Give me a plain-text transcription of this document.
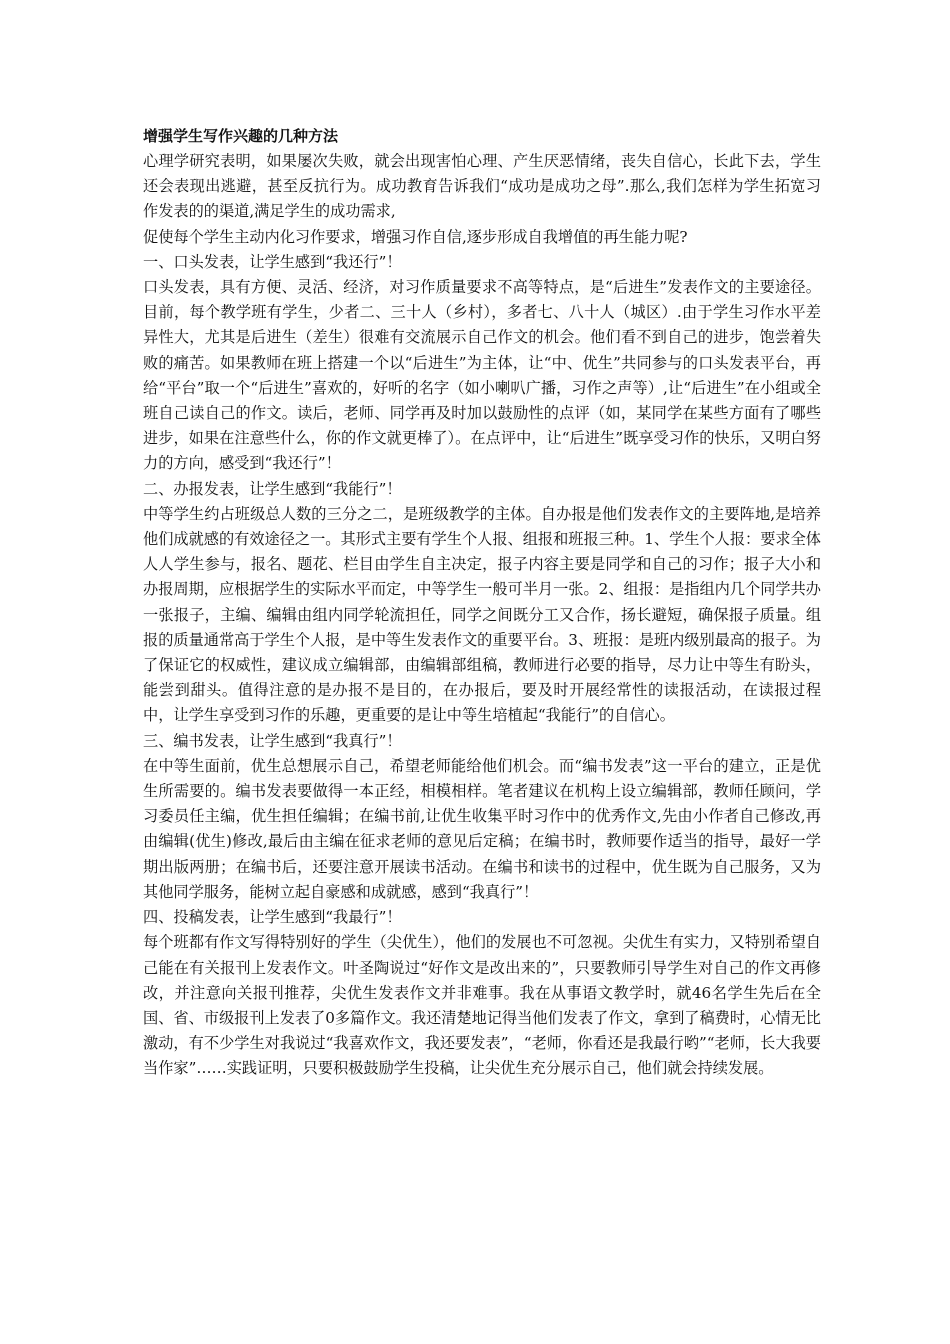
增强学生写作兴趣的几种方法

心理学研究表明，如果屡次失败，就会出现害怕心理、产生厌恶情绪，丧失自信心，长此下去，学生还会表现出逃避，甚至反抗行为。成功教育告诉我们“成功是成功之母”.那么,我们怎样为学生拓宽习作发表的的渠道,满足学生的成功需求,

促使每个学生主动内化习作要求，增强习作自信,逐步形成自我增值的再生能力呢?

一、口头发表，让学生感到“我还行”！

口头发表，具有方便、灵活、经济，对习作质量要求不高等特点，是“后进生”发表作文的主要途径。目前，每个教学班有学生，少者二、三十人（乡村），多者七、八十人（城区）.由于学生习作水平差异性大，尤其是后进生（差生）很难有交流展示自己作文的机会。他们看不到自己的进步，饱尝着失败的痛苦。如果教师在班上搭建一个以“后进生”为主体，让“中、优生”共同参与的口头发表平台，再给“平台”取一个“后进生”喜欢的，好听的名字（如小喇叭广播，习作之声等）,让“后进生”在小组或全班自己读自己的作文。读后，老师、同学再及时加以鼓励性的点评（如，某同学在某些方面有了哪些进步，如果在注意些什么，你的作文就更棒了）。在点评中，让“后进生”既享受习作的快乐，又明白努力的方向，感受到“我还行”！

二、办报发表，让学生感到“我能行”！

中等学生约占班级总人数的三分之二，是班级教学的主体。自办报是他们发表作文的主要阵地,是培养他们成就感的有效途径之一。其形式主要有学生个人报、组报和班报三种。1、学生个人报：要求全体人人学生参与，报名、题花、栏目由学生自主决定，报子内容主要是同学和自己的习作；报子大小和办报周期，应根据学生的实际水平而定，中等学生一般可半月一张。2、组报：是指组内几个同学共办一张报子，主编、编辑由组内同学轮流担任，同学之间既分工又合作，扬长避短，确保报子质量。组报的质量通常高于学生个人报，是中等生发表作文的重要平台。3、班报：是班内级别最高的报子。为了保证它的权威性，建议成立编辑部，由编辑部组稿，教师进行必要的指导，尽力让中等生有盼头，能尝到甜头。值得注意的是办报不是目的，在办报后，要及时开展经常性的读报活动，在读报过程中，让学生享受到习作的乐趣，更重要的是让中等生培植起“我能行”的自信心。

三、编书发表，让学生感到“我真行”！

在中等生面前，优生总想展示自己，希望老师能给他们机会。而“编书发表”这一平台的建立，正是优生所需要的。编书发表要做得一本正经，相模相样。笔者建议在机构上设立编辑部，教师任顾问，学习委员任主编，优生担任编辑；在编书前,让优生收集平时习作中的优秀作文,先由小作者自己修改,再由编辑(优生)修改,最后由主编在征求老师的意见后定稿；在编书时，教师要作适当的指导，最好一学期出版两册；在编书后，还要注意开展读书活动。在编书和读书的过程中，优生既为自己服务，又为其他同学服务，能树立起自豪感和成就感，感到“我真行”！

四、投稿发表，让学生感到“我最行”！

每个班都有作文写得特别好的学生（尖优生），他们的发展也不可忽视。尖优生有实力，又特别希望自己能在有关报刊上发表作文。叶圣陶说过“好作文是改出来的”，只要教师引导学生对自己的作文再修改，并注意向关报刊推荐，尖优生发表作文并非难事。我在从事语文教学时，就46名学生先后在全国、省、市级报刊上发表了0多篇作文。我还清楚地记得当他们发表了作文，拿到了稿费时，心情无比激动，有不少学生对我说过“我喜欢作文，我还要发表”，“老师，你看还是我最行哟”“老师，长大我要当作家”……实践证明，只要积极鼓励学生投稿，让尖优生充分展示自己，他们就会持续发展。
